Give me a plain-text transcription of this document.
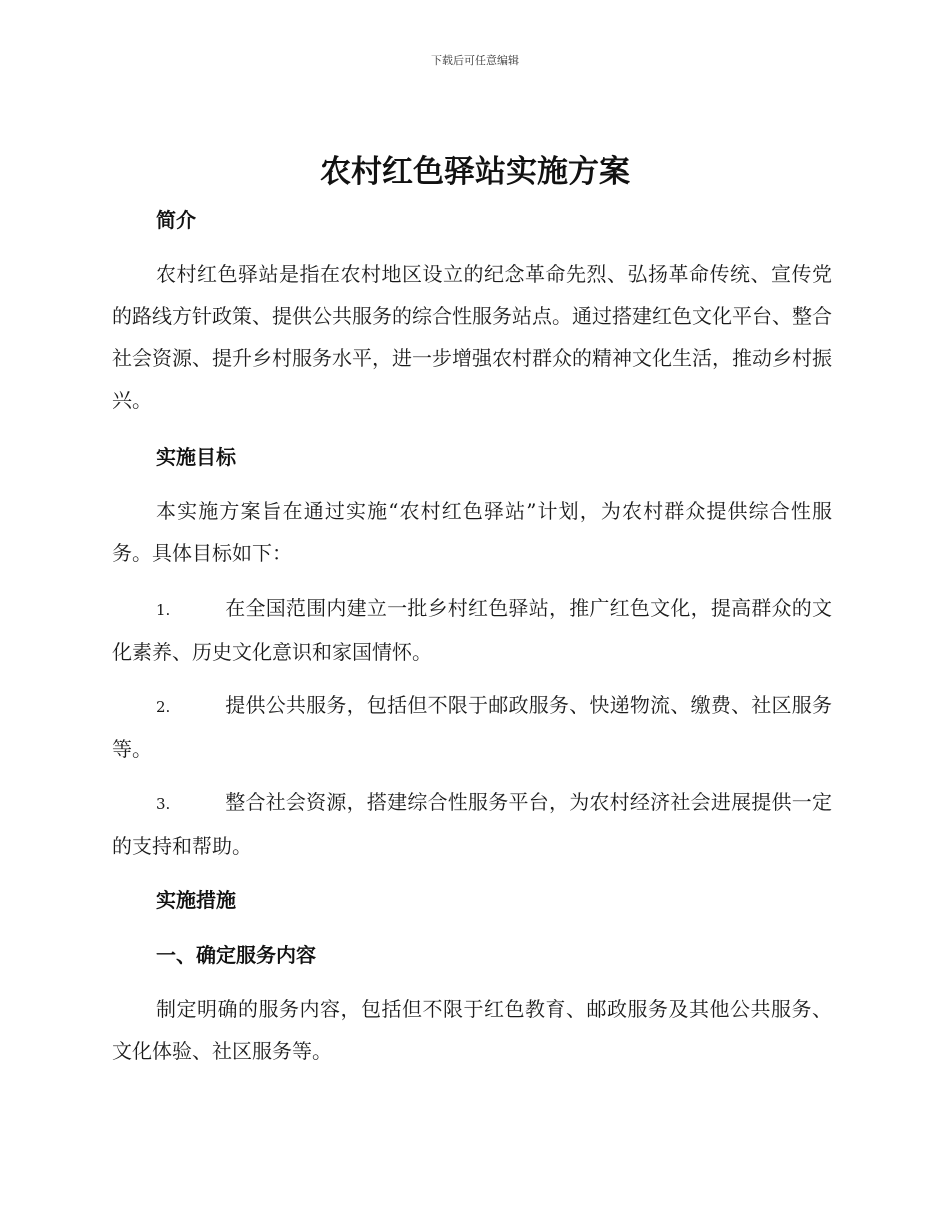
下载后可任意编辑
农村红色驿站实施方案
简介

农村红色驿站是指在农村地区设立的纪念革命先烈、弘扬革命传统、宣传党的路线方针政策、提供公共服务的综合性服务站点。通过搭建红色文化平台、整合社会资源、提升乡村服务水平，进一步增强农村群众的精神文化生活，推动乡村振兴。

实施目标

本实施方案旨在通过实施“农村红色驿站”计划，为农村群众提供综合性服务。具体目标如下：

1.	在全国范围内建立一批乡村红色驿站，推广红色文化，提高群众的文化素养、历史文化意识和家国情怀。

2.	提供公共服务，包括但不限于邮政服务、快递物流、缴费、社区服务等。

3.	整合社会资源，搭建综合性服务平台，为农村经济社会进展提供一定的支持和帮助。

实施措施
一、确定服务内容

制定明确的服务内容，包括但不限于红色教育、邮政服务及其他公共服务、文化体验、社区服务等。
